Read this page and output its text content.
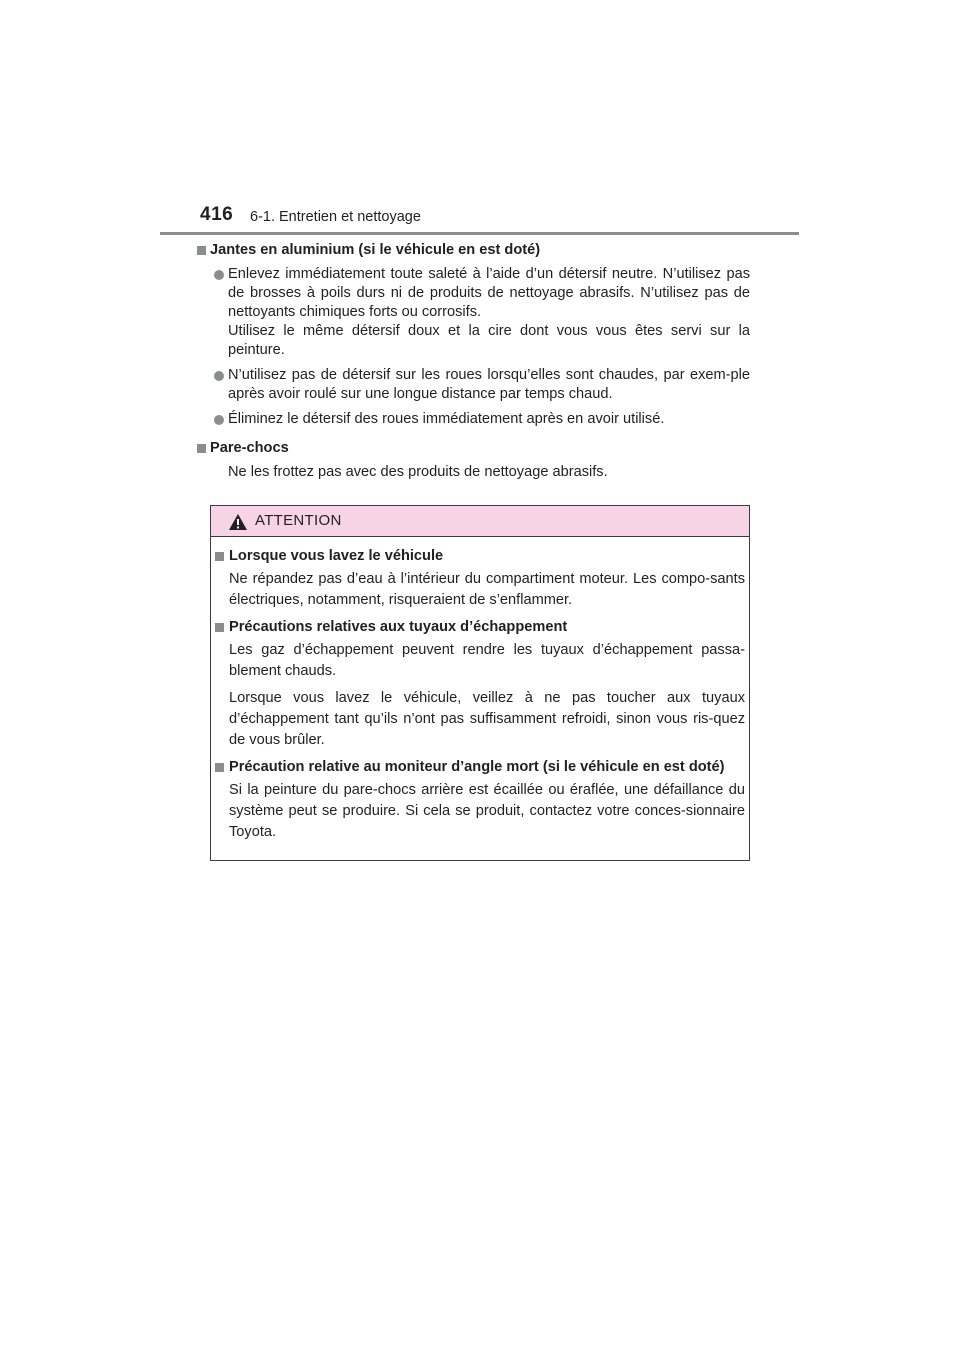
416 6-1. Entretien et nettoyage
Jantes en aluminium (si le véhicule en est doté)
Enlevez immédiatement toute saleté à l’aide d’un détersif neutre. N’utilisez pas de brosses à poils durs ni de produits de nettoyage abrasifs. N’utilisez pas de nettoyants chimiques forts ou corrosifs.
Utilisez le même détersif doux et la cire dont vous vous êtes servi sur la peinture.
N’utilisez pas de détersif sur les roues lorsqu’elles sont chaudes, par exem-ple après avoir roulé sur une longue distance par temps chaud.
Éliminez le détersif des roues immédiatement après en avoir utilisé.
Pare-chocs
Ne les frottez pas avec des produits de nettoyage abrasifs.
ATTENTION
Lorsque vous lavez le véhicule
Ne répandez pas d’eau à l’intérieur du compartiment moteur. Les compo-sants électriques, notamment, risqueraient de s’enflammer.
Précautions relatives aux tuyaux d’échappement
Les gaz d’échappement peuvent rendre les tuyaux d’échappement passa-blement chauds.
Lorsque vous lavez le véhicule, veillez à ne pas toucher aux tuyaux d’échappement tant qu’ils n’ont pas suffisamment refroidi, sinon vous ris-quez de vous brûler.
Précaution relative au moniteur d’angle mort (si le véhicule en est doté)
Si la peinture du pare-chocs arrière est écaillée ou éraflée, une défaillance du système peut se produire. Si cela se produit, contactez votre conces-sionnaire Toyota.
